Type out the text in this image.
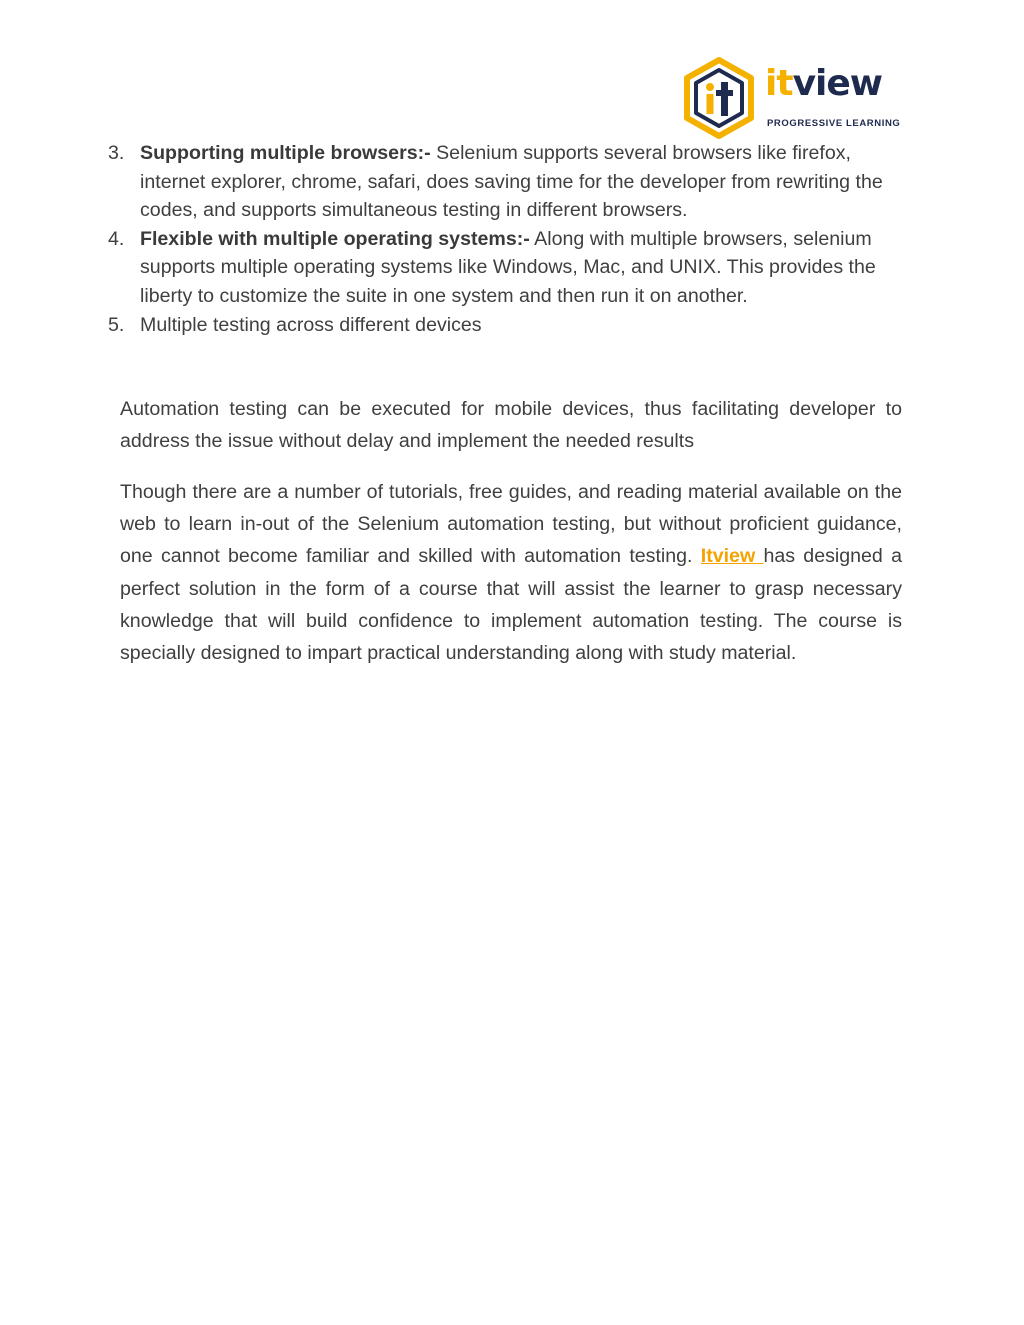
itview
PROGRESSIVE LEARNING
3. Supporting multiple browsers:- Selenium supports several browsers like firefox, internet explorer, chrome, safari, does saving time for the developer from rewriting the codes, and supports simultaneous testing in different browsers.
4. Flexible with multiple operating systems:- Along with multiple browsers, selenium supports multiple operating systems like Windows, Mac, and UNIX. This provides the liberty to customize the suite in one system and then run it on another.
5. Multiple testing across different devices

Automation testing can be executed for mobile devices, thus facilitating developer to address the issue without delay and implement the needed results

Though there are a number of tutorials, free guides, and reading material available on the web to learn in-out of the Selenium automation testing, but without proficient guidance, one cannot become familiar and skilled with automation testing. Itview has designed a perfect solution in the form of a course that will assist the learner to grasp necessary knowledge that will build confidence to implement automation testing. The course is specially designed to impart practical understanding along with study material.
